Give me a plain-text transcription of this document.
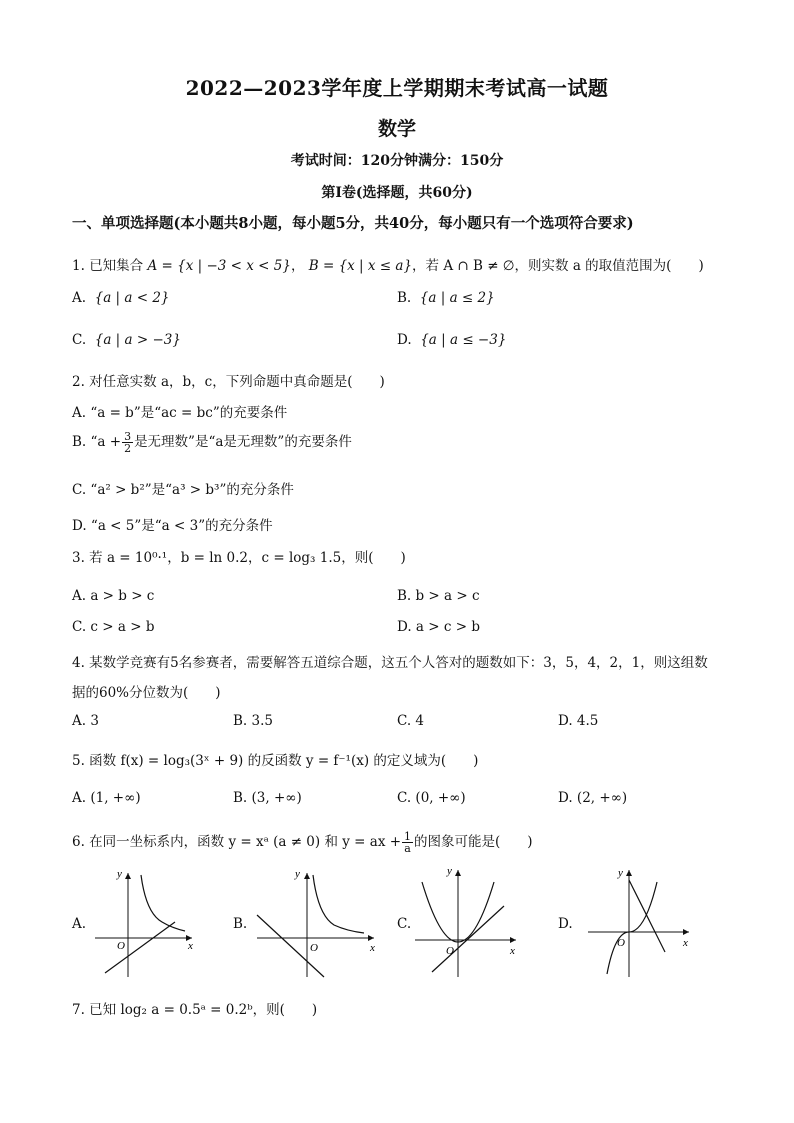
2022—2023学年度上学期期末考试高一试题
数学
考试时间：120分钟满分：150分
第Ⅰ卷(选择题，共60分)
一、单项选择题(本小题共8小题，每小题5分，共40分，每小题只有一个选项符合要求)
1. 已知集合 A = {x | −3 < x < 5}， B = {x | x ≤ a}，若 A ∩ B ≠ ∅，则实数 a 的取值范围为(　　)
A.  {a | a < 2}	B.  {a | a ≤ 2}
C.  {a | a > −3}	D.  {a | a ≤ −3}
2. 对任意实数 a，b，c，下列命题中真命题是(　　)
A. “a = b”是“ac = bc”的充要条件
B. “$a + \frac{3}{2}$ 是无理数”是“a是无理数”的充要条件
C. “a² > b²”是“a³ > b³”的充分条件
D. “a < 5”是“a < 3”的充分条件
3. 若 a = 10⁰·¹，b = ln 0.2，c = log₃ 1.5，则(　　)
A. a > b > c	B. b > a > c
C. c > a > b	D. a > c > b
4. 某数学竞赛有5名参赛者，需要解答五道综合题，这五个人答对的题数如下：3，5，4，2，1，则这组数
据的60%分位数为(　　)
A. 3	B. 3.5	C. 4	D. 4.5
5. 函数 f(x) = log₃(3ˣ + 9) 的反函数 y = f⁻¹(x) 的定义域为(　　)
A. (1, +∞)	B. (3, +∞)	C. (0, +∞)	D. (2, +∞)
6. 在同一坐标系内，函数 y = xᵃ (a ≠ 0) 和 y = ax + $\frac{1}{a}$ 的图象可能是(　　)
A.	B.	C.	D.
y
x
O
y
x
O
y
x
O
y
x
O
7. 已知 log₂ a = 0.5ᵃ = 0.2ᵇ，则(　　)
